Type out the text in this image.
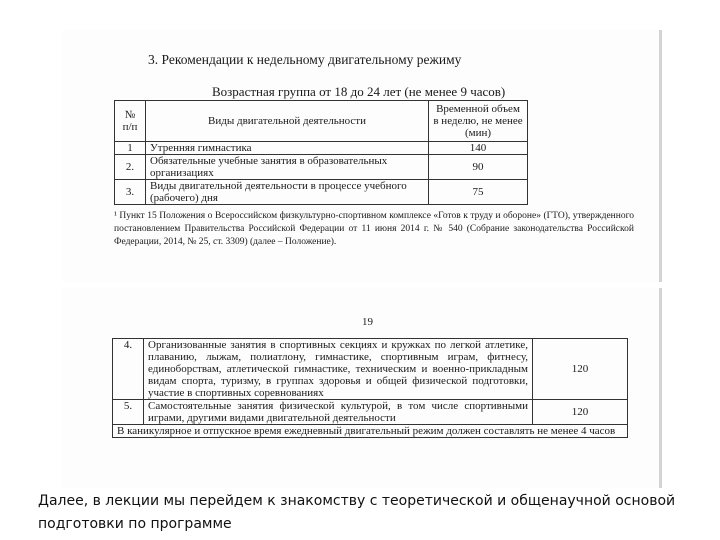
3. Рекомендации к недельному двигательному режиму
Возрастная группа от 18 до 24 лет (не менее 9 часов)
№ п/п	Виды двигательной деятельности	Временной объем в неделю, не менее (мин)
1	Утренняя гимнастика	140
2.	Обязательные учебные занятия в образовательных организациях	90
3.	Виды двигательной деятельности в процессе учебного (рабочего) дня	75
¹ Пункт 15 Положения о Всероссийском физкультурно-спортивном комплексе «Готов к труду и обороне» (ГТО), утвержденного постановлением Правительства Российской Федерации от 11 июня 2014 г. № 540 (Собрание законодательства Российской Федерации, 2014, № 25, ст. 3309) (далее – Положение).
19
4.	Организованные занятия в спортивных секциях и кружках по легкой атлетике, плаванию, лыжам, полиатлону, гимнастике, спортивным играм, фитнесу, единоборствам, атлетической гимнастике, техническим и военно-прикладным видам спорта, туризму, в группах здоровья и общей физической подготовки, участие в спортивных соревнованиях	120
5.	Самостоятельные занятия физической культурой, в том числе спортивными играми, другими видами двигательной деятельности	120
В каникулярное и отпускное время ежедневный двигательный режим должен составлять не менее 4 часов		
Далее, в лекции мы перейдем к знакомству с теоретической и общенаучной основой подготовки по программе
